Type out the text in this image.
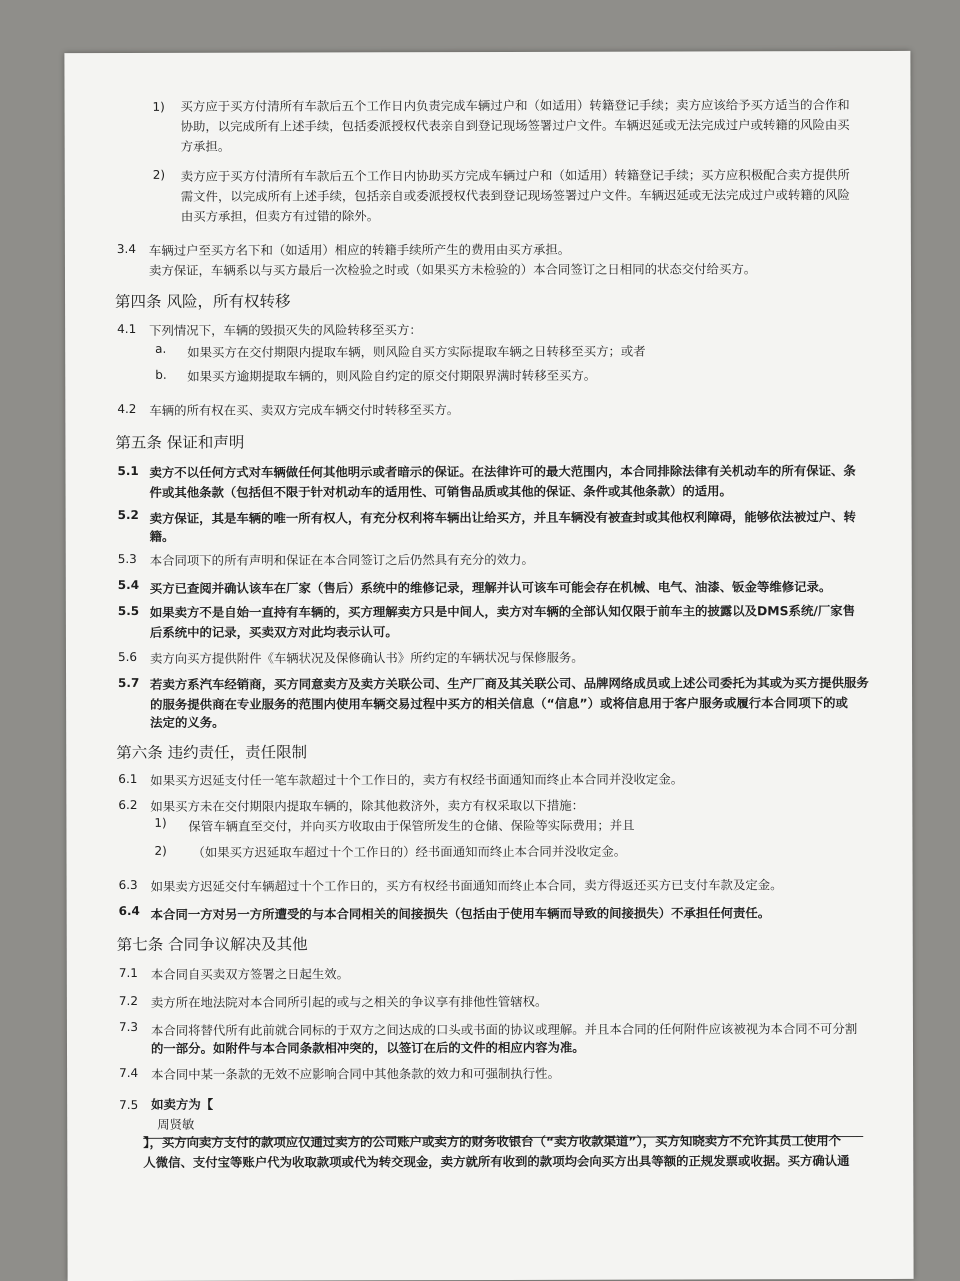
1) 买方应于买方付清所有车款后五个工作日内负责完成车辆过户和（如适用）转籍登记手续；卖方应该给予买方适当的合作和
协助，以完成所有上述手续，包括委派授权代表亲自到登记现场签署过户文件。车辆迟延或无法完成过户或转籍的风险由买
方承担。
2) 卖方应于买方付清所有车款后五个工作日内协助买方完成车辆过户和（如适用）转籍登记手续；买方应积极配合卖方提供所
需文件，以完成所有上述手续，包括亲自或委派授权代表到登记现场签署过户文件。车辆迟延或无法完成过户或转籍的风险
由买方承担，但卖方有过错的除外。
3.4 车辆过户至买方名下和（如适用）相应的转籍手续所产生的费用由买方承担。
卖方保证，车辆系以与买方最后一次检验之时或（如果买方未检验的）本合同签订之日相同的状态交付给买方。
第四条 风险，所有权转移
4.1 下列情况下，车辆的毁损灭失的风险转移至买方：
a. 如果买方在交付期限内提取车辆，则风险自买方实际提取车辆之日转移至买方；或者
b. 如果买方逾期提取车辆的，则风险自约定的原交付期限界满时转移至买方。
4.2 车辆的所有权在买、卖双方完成车辆交付时转移至买方。
第五条 保证和声明
5.1 卖方不以任何方式对车辆做任何其他明示或者暗示的保证。在法律许可的最大范围内，本合同排除法律有关机动车的所有保证、条
件或其他条款（包括但不限于针对机动车的适用性、可销售品质或其他的保证、条件或其他条款）的适用。
5.2 卖方保证，其是车辆的唯一所有权人，有充分权利将车辆出让给买方，并且车辆没有被查封或其他权利障碍，能够依法被过户、转
籍。
5.3 本合同项下的所有声明和保证在本合同签订之后仍然具有充分的效力。
5.4 买方已查阅并确认该车在厂家（售后）系统中的维修记录，理解并认可该车可能会存在机械、电气、油漆、钣金等维修记录。
5.5 如果卖方不是自始一直持有车辆的，买方理解卖方只是中间人，卖方对车辆的全部认知仅限于前车主的披露以及DMS系统/厂家售
后系统中的记录，买卖双方对此均表示认可。
5.6 卖方向买方提供附件《车辆状况及保修确认书》所约定的车辆状况与保修服务。
5.7 若卖方系汽车经销商，买方同意卖方及卖方关联公司、生产厂商及其关联公司、品牌网络成员或上述公司委托为其或为买方提供服务
的服务提供商在专业服务的范围内使用车辆交易过程中买方的相关信息（“信息”）或将信息用于客户服务或履行本合同项下的或
法定的义务。
第六条 违约责任，责任限制
6.1 如果买方迟延支付任一笔车款超过十个工作日的，卖方有权经书面通知而终止本合同并没收定金。
6.2 如果买方未在交付期限内提取车辆的，除其他救济外，卖方有权采取以下措施：
1) 保管车辆直至交付，并向买方收取由于保管所发生的仓储、保险等实际费用；并且
2) （如果买方迟延取车超过十个工作日的）经书面通知而终止本合同并没收定金。
6.3 如果卖方迟延交付车辆超过十个工作日的，买方有权经书面通知而终止本合同，卖方得返还买方已支付车款及定金。
6.4 本合同一方对另一方所遭受的与本合同相关的间接损失（包括由于使用车辆而导致的间接损失）不承担任何责任。
第七条 合同争议解决及其他
7.1 本合同自买卖双方签署之日起生效。
7.2 卖方所在地法院对本合同所引起的或与之相关的争议享有排他性管辖权。
7.3 本合同将替代所有此前就合同标的于双方之间达成的口头或书面的协议或理解。并且本合同的任何附件应该被视为本合同不可分割
的一部分。如附件与本合同条款相冲突的，以签订在后的文件的相应内容为准。
7.4 本合同中某一条款的无效不应影响合同中其他条款的效力和可强制执行性。
7.5 如卖方为【
周贤敏
】，买方向卖方支付的款项应仅通过卖方的公司账户或卖方的财务收银台（“卖方收款渠道”），买方知晓卖方不允许其员工使用个
人微信、支付宝等账户代为收取款项或代为转交现金，卖方就所有收到的款项均会向买方出具等额的正规发票或收据。买方确认通
